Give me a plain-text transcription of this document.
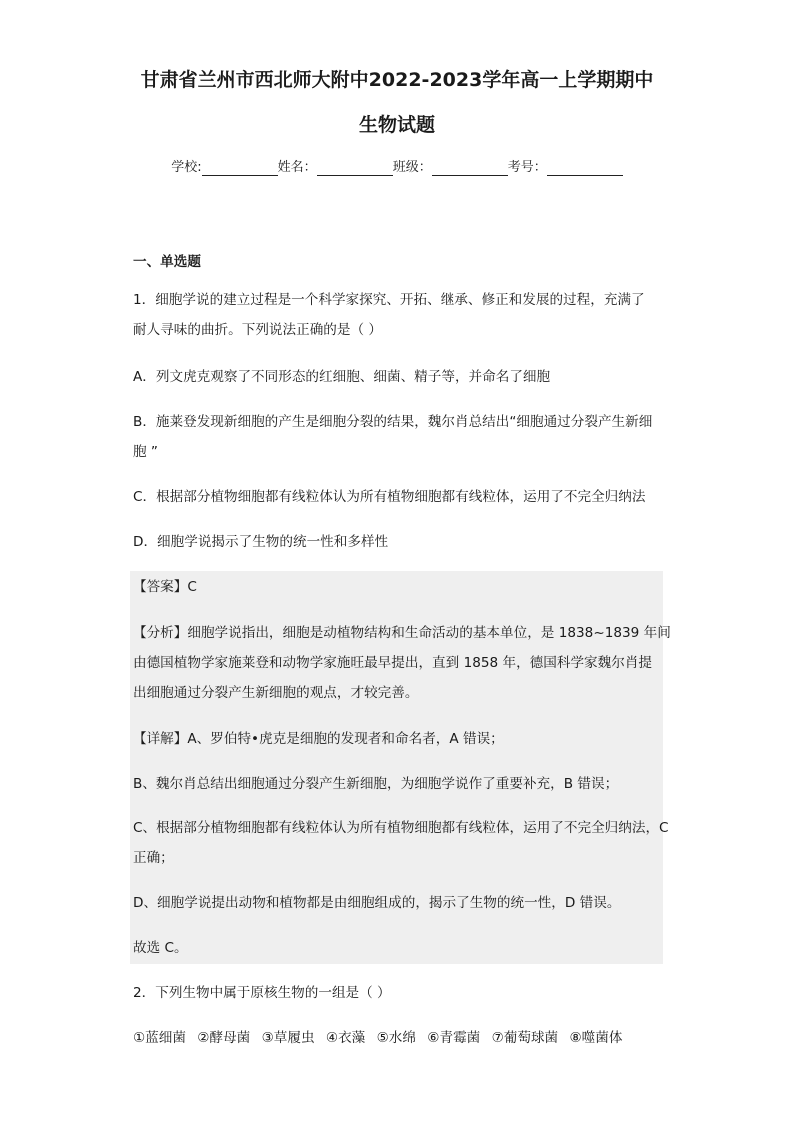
甘肃省兰州市西北师大附中2022-2023学年高一上学期期中
生物试题
学校:	姓名：	班级：	考号：
一、单选题
1．细胞学说的建立过程是一个科学家探究、开拓、继承、修正和发展的过程，充满了
耐人寻味的曲折。下列说法正确的是（ ）
A．列文虎克观察了不同形态的红细胞、细菌、精子等，并命名了细胞
B．施莱登发现新细胞的产生是细胞分裂的结果，魏尔肖总结出“细胞通过分裂产生新细
胞 ”
C．根据部分植物细胞都有线粒体认为所有植物细胞都有线粒体，运用了不完全归纳法
D．细胞学说揭示了生物的统一性和多样性
【答案】C
【分析】细胞学说指出，细胞是动植物结构和生命活动的基本单位，是 1838~1839 年间
由德国植物学家施莱登和动物学家施旺最早提出，直到 1858 年，德国科学家魏尔肖提
出细胞通过分裂产生新细胞的观点，才较完善。
【详解】A、罗伯特•虎克是细胞的发现者和命名者，A 错误；
B、魏尔肖总结出细胞通过分裂产生新细胞，为细胞学说作了重要补充，B 错误；
C、根据部分植物细胞都有线粒体认为所有植物细胞都有线粒体，运用了不完全归纳法，C
正确；
D、细胞学说提出动物和植物都是由细胞组成的，揭示了生物的统一性，D 错误。
故选 C。
2．下列生物中属于原核生物的一组是（ ）
①蓝细菌 ②酵母菌 ③草履虫 ④衣藻 ⑤水绵 ⑥青霉菌 ⑦葡萄球菌 ⑧噬菌体
